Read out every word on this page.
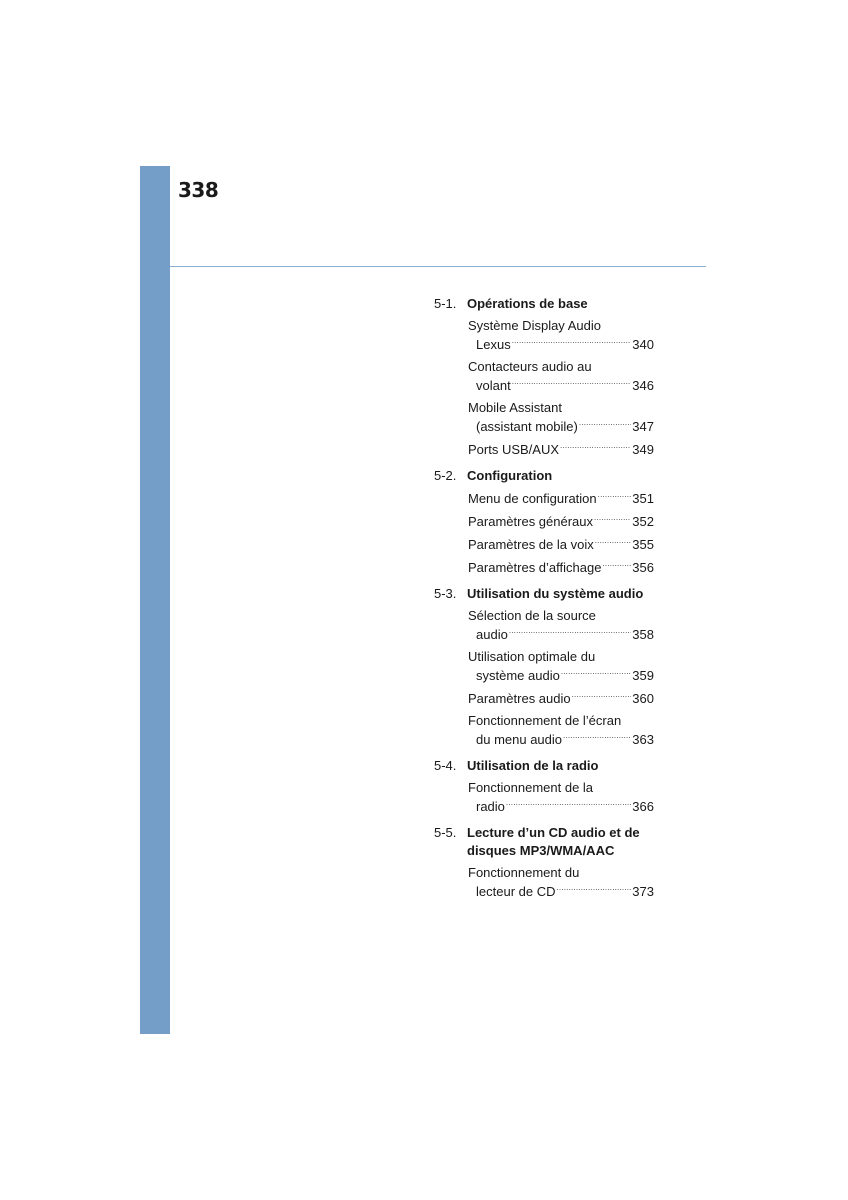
338
5-1. Opérations de base
Système Display Audio
Lexus .....	340
Contacteurs audio au
volant .....	346
Mobile Assistant
(assistant mobile) .....	347
Ports USB/AUX .....	349
5-2. Configuration
Menu de configuration .....	351
Paramètres généraux .....	352
Paramètres de la voix .....	355
Paramètres d’affichage ..... 356
5-3. Utilisation du système audio
Sélection de la source
audio .....	358
Utilisation optimale du
système audio .....	359
Paramètres audio .....	360
Fonctionnement de l’écran
du menu audio .....	363
5-4. Utilisation de la radio
Fonctionnement de la
radio .....	366
5-5. Lecture d’un CD audio et de disques MP3/WMA/AAC
Fonctionnement du
lecteur de CD .....	373
